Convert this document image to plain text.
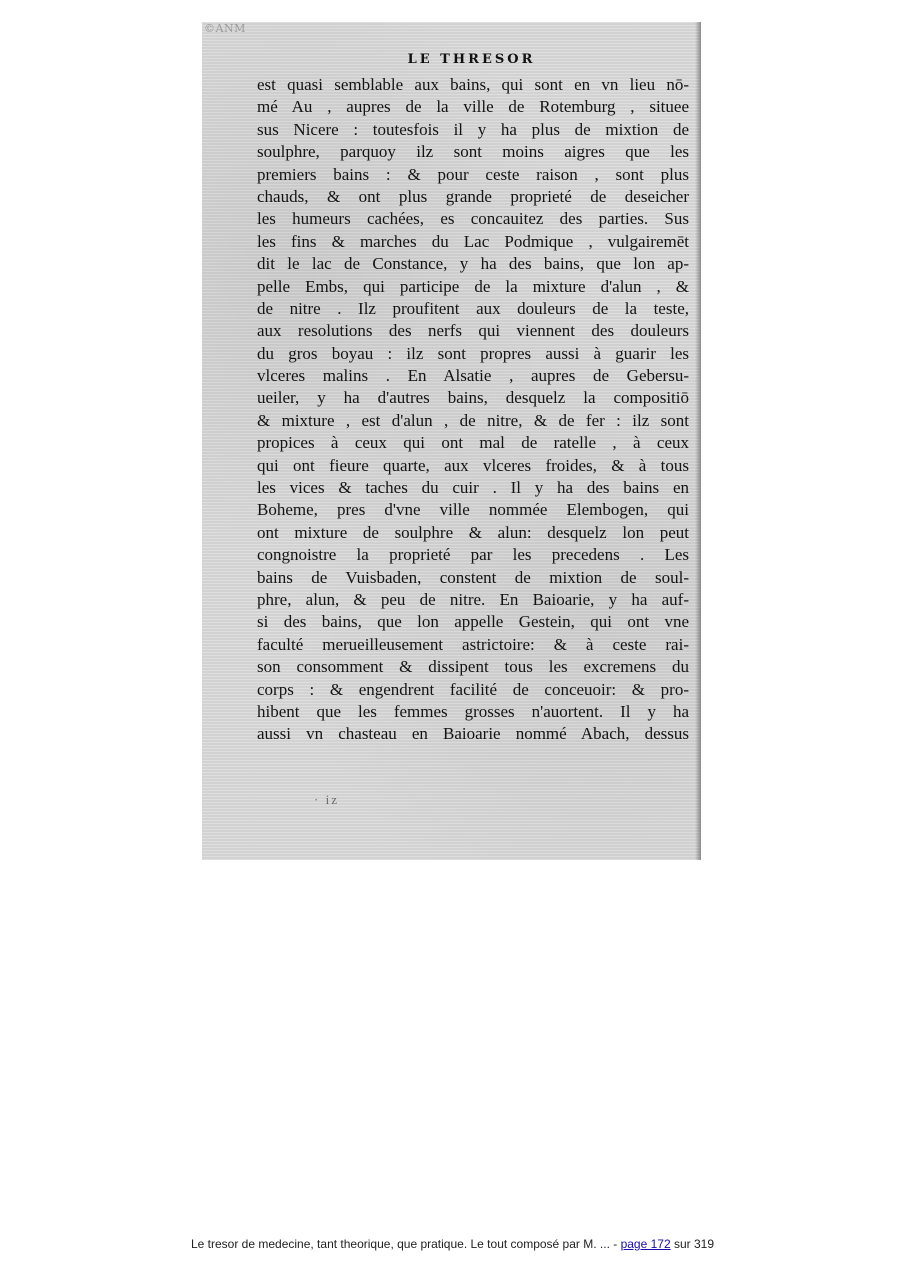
©ANM
LE THRESOR
est quasi semblable aux bains, qui sont en vn lieu nō-
mé Au , aupres de la ville de Rotemburg , situee
sus Nicere : toutesfois il y ha plus de mixtion de
soulphre, parquoy ilz sont moins aigres que les
premiers bains : & pour ceste raison , sont plus
chauds, & ont plus grande proprieté de deseicher
les humeurs cachées, es concauitez des parties. Sus
les fins & marches du Lac Podmique , vulgairemēt
dit le lac de Constance, y ha des bains, que lon ap-
pelle Embs, qui participe de la mixture d'alun , &
de nitre . Ilz proufitent aux douleurs de la teste,
aux resolutions des nerfs qui viennent des douleurs
du gros boyau : ilz sont propres aussi à guarir les
vlceres malins . En Alsatie , aupres de Gebersu-
ueiler, y ha d'autres bains, desquelz la compositiō
& mixture , est d'alun , de nitre, & de fer : ilz sont
propices à ceux qui ont mal de ratelle , à ceux
qui ont fieure quarte, aux vlceres froides, & à tous
les vices & taches du cuir . Il y ha des bains en
Boheme, pres d'vne ville nommée Elembogen, qui
ont mixture de soulphre & alun: desquelz lon peut
congnoistre la proprieté par les precedens . Les
bains de Vuisbaden, constent de mixtion de soul-
phre, alun, & peu de nitre. En Baioarie, y ha auf-
si des bains, que lon appelle Gestein, qui ont vne
faculté merueilleusement astrictoire: & à ceste rai-
son consomment & dissipent tous les excremens du
corps : & engendrent facilité de conceuoir: & pro-
hibent que les femmes grosses n'auortent. Il y ha
aussi vn chasteau en Baioarie nommé Abach, dessus
· iz
Le tresor de medecine, tant theorique, que pratique. Le tout composé par M. ... - page 172 sur 319
